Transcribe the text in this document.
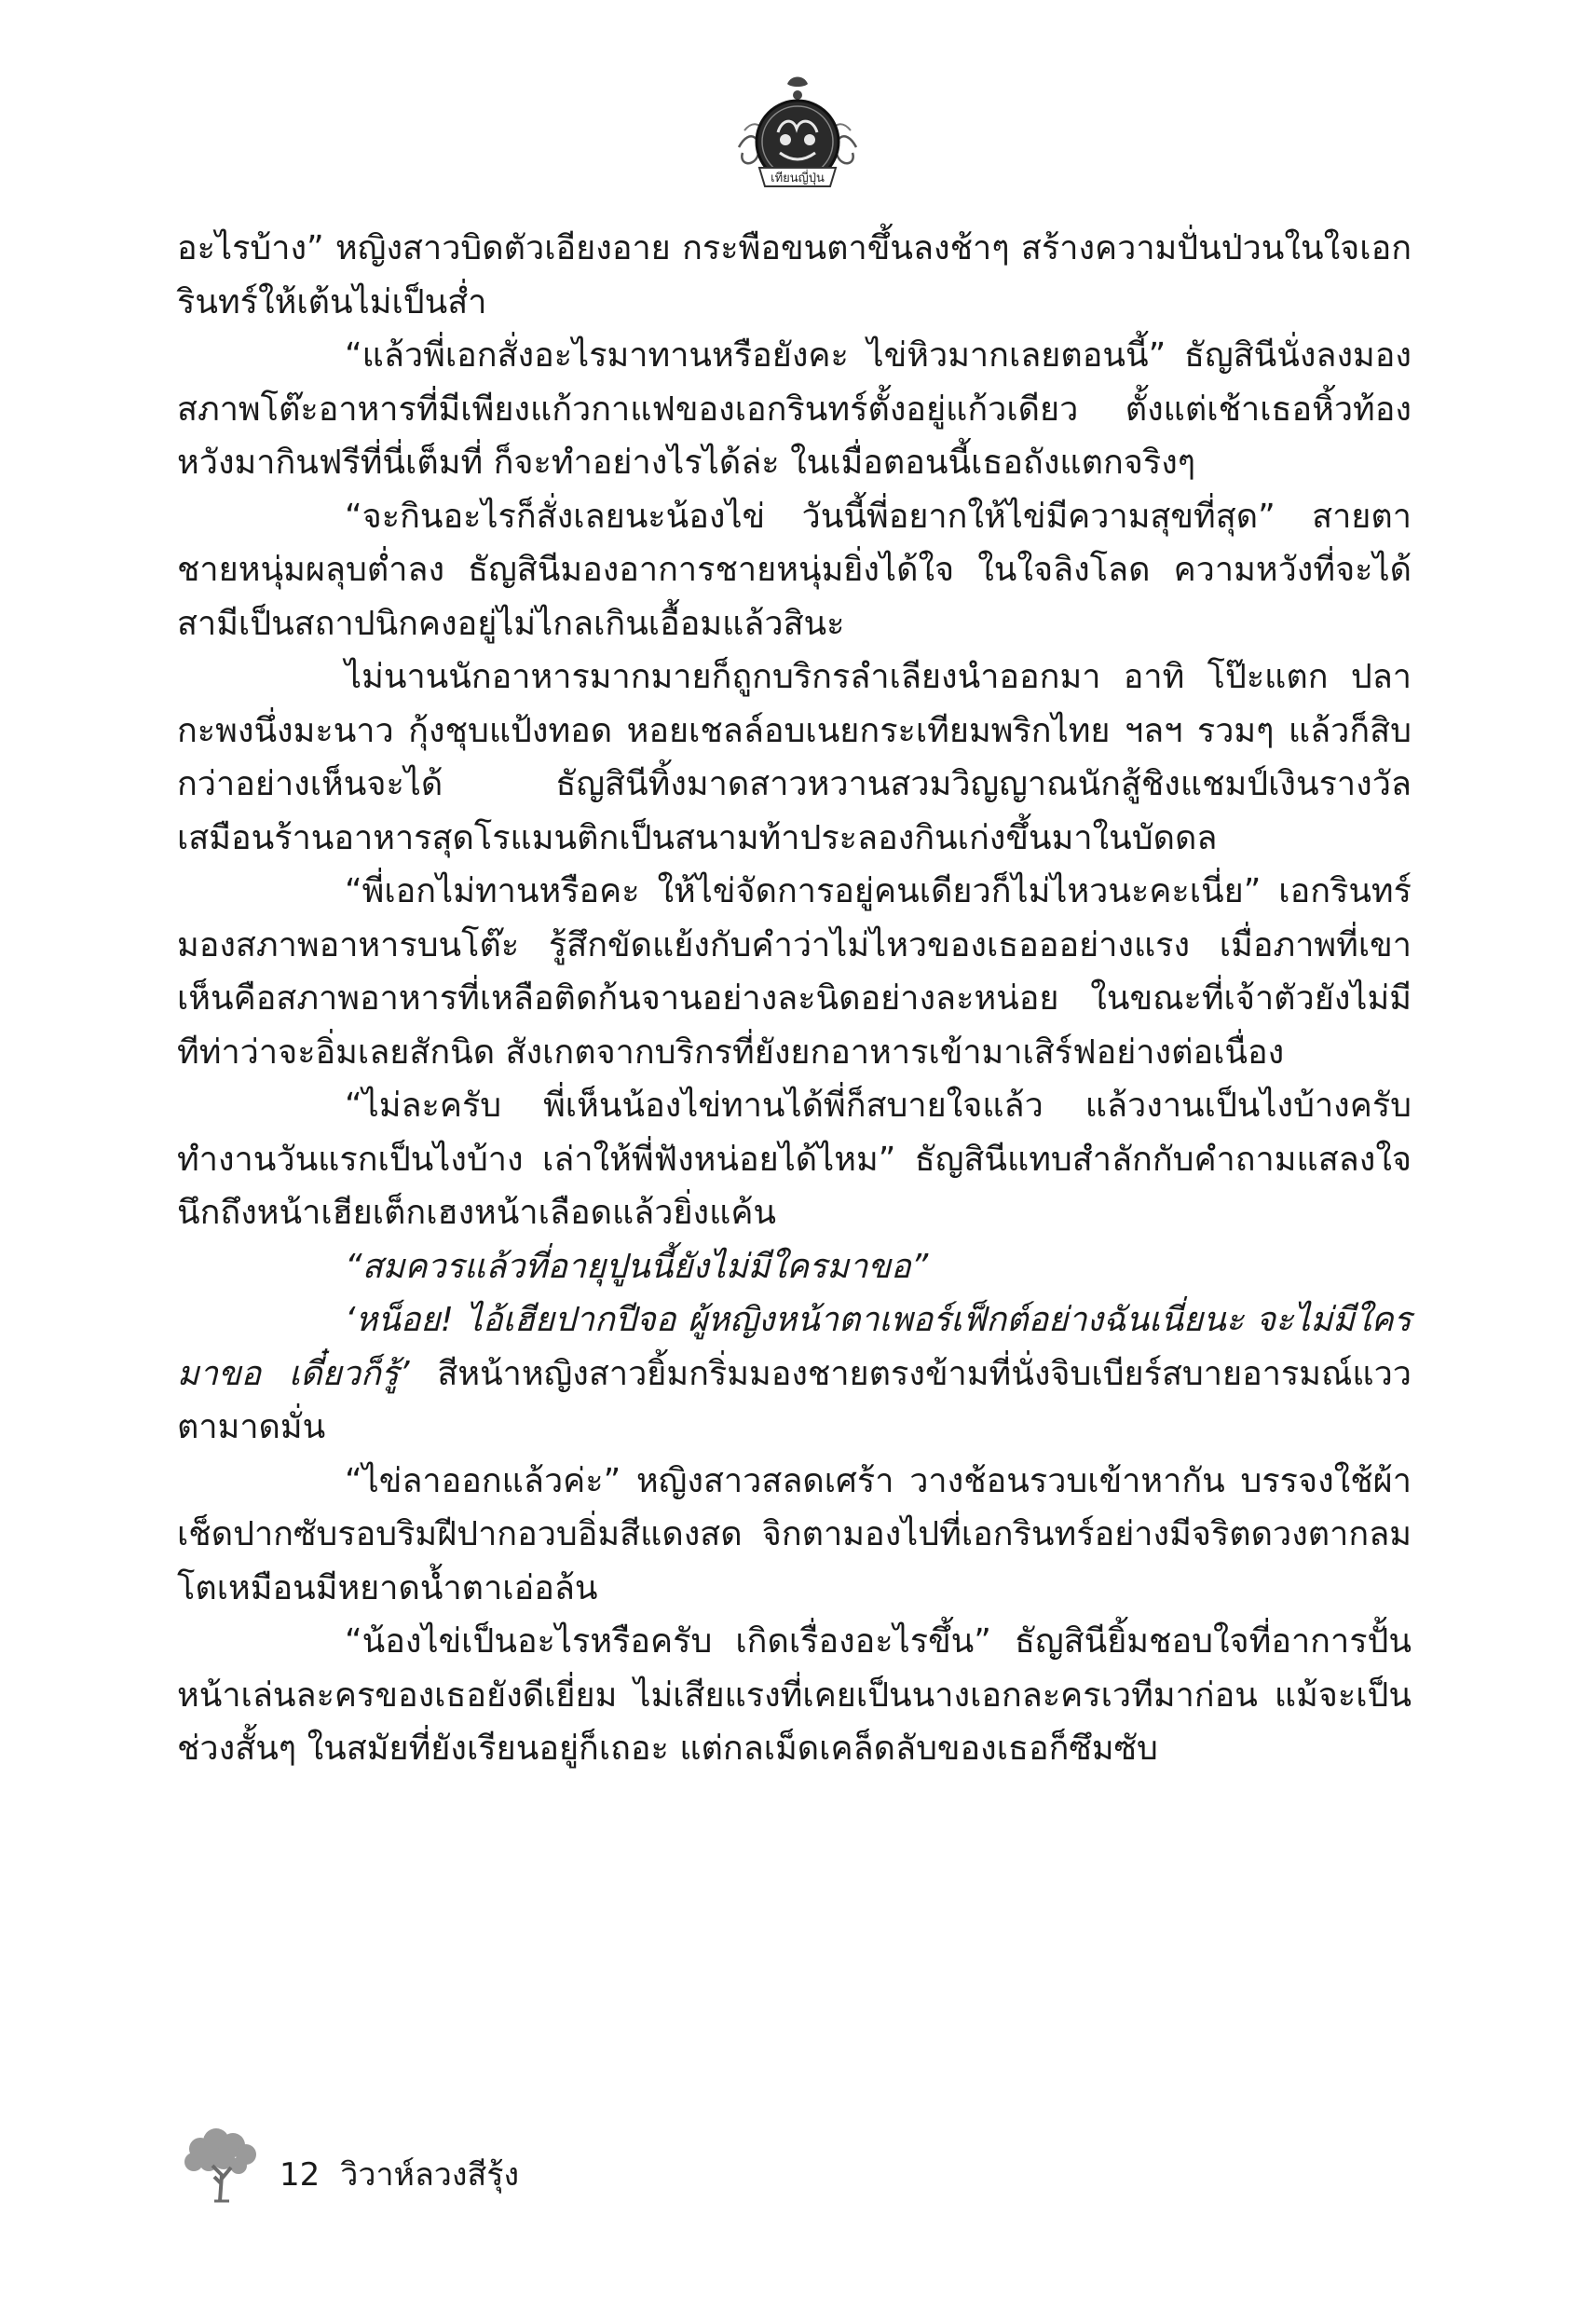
เทียนญี่ปุ่น

อะไรบ้าง” หญิงสาวบิดตัวเอียงอาย กระพือขนตาขึ้นลงช้าๆ สร้างความปั่นป่วนในใจเอกรินทร์ให้เต้นไม่เป็นส่ำ

“แล้วพี่เอกสั่งอะไรมาทานหรือยังคะ ไข่หิวมากเลยตอนนี้” ธัญสินีนั่งลงมองสภาพโต๊ะอาหารที่มีเพียงแก้วกาแฟของเอกรินทร์ตั้งอยู่แก้วเดียว ตั้งแต่เช้าเธอหิ้วท้องหวังมากินฟรีที่นี่เต็มที่ ก็จะทำอย่างไรได้ล่ะ ในเมื่อตอนนี้เธอถังแตกจริงๆ

“จะกินอะไรก็สั่งเลยนะน้องไข่ วันนี้พี่อยากให้ไข่มีความสุขที่สุด” สายตาชายหนุ่มผลุบต่ำลง ธัญสินีมองอาการชายหนุ่มยิ่งได้ใจ ในใจลิงโลด ความหวังที่จะได้สามีเป็นสถาปนิกคงอยู่ไม่ไกลเกินเอื้อมแล้วสินะ

ไม่นานนักอาหารมากมายก็ถูกบริกรลำเลียงนำออกมา อาทิ โป๊ะแตก ปลากะพงนึ่งมะนาว กุ้งชุบแป้งทอด หอยเชลล์อบเนยกระเทียมพริกไทย ฯลฯ รวมๆ แล้วก็สิบกว่าอย่างเห็นจะได้ ธัญสินีทิ้งมาดสาวหวานสวมวิญญาณนักสู้ชิงแชมป์เงินรางวัล เสมือนร้านอาหารสุดโรแมนติกเป็นสนามท้าประลองกินเก่งขึ้นมาในบัดดล

“พี่เอกไม่ทานหรือคะ ให้ไข่จัดการอยู่คนเดียวก็ไม่ไหวนะคะเนี่ย” เอกรินทร์มองสภาพอาหารบนโต๊ะ รู้สึกขัดแย้งกับคำว่าไม่ไหวของเธอออย่างแรง เมื่อภาพที่เขาเห็นคือสภาพอาหารที่เหลือติดก้นจานอย่างละนิดอย่างละหน่อย ในขณะที่เจ้าตัวยังไม่มีทีท่าว่าจะอิ่มเลยสักนิด สังเกตจากบริกรที่ยังยกอาหารเข้ามาเสิร์ฟอย่างต่อเนื่อง

“ไม่ละครับ พี่เห็นน้องไข่ทานได้พี่ก็สบายใจแล้ว แล้วงานเป็นไงบ้างครับ ทำงานวันแรกเป็นไงบ้าง เล่าให้พี่ฟังหน่อยได้ไหม” ธัญสินีแทบสำลักกับคำถามแสลงใจ นึกถึงหน้าเฮียเต็กเฮงหน้าเลือดแล้วยิ่งแค้น

“สมควรแล้วที่อายุปูนนี้ยังไม่มีใครมาขอ”

‘หน็อย! ไอ้เฮียปากปีจอ ผู้หญิงหน้าตาเพอร์เฟ็กต์อย่างฉันเนี่ยนะ จะไม่มีใครมาขอ เดี๋ยวก็รู้’ สีหน้าหญิงสาวยิ้มกริ่มมองชายตรงข้ามที่นั่งจิบเบียร์สบายอารมณ์แววตามาดมั่น

“ไข่ลาออกแล้วค่ะ” หญิงสาวสลดเศร้า วางช้อนรวบเข้าหากัน บรรจงใช้ผ้าเช็ดปากซับรอบริมฝีปากอวบอิ่มสีแดงสด จิกตามองไปที่เอกรินทร์อย่างมีจริตดวงตากลมโตเหมือนมีหยาดน้ำตาเอ่อล้น

“น้องไข่เป็นอะไรหรือครับ เกิดเรื่องอะไรขึ้น” ธัญสินียิ้มชอบใจที่อาการปั้นหน้าเล่นละครของเธอยังดีเยี่ยม ไม่เสียแรงที่เคยเป็นนางเอกละครเวทีมาก่อน แม้จะเป็นช่วงสั้นๆ ในสมัยที่ยังเรียนอยู่ก็เถอะ แต่กลเม็ดเคล็ดลับของเธอก็ซึมซับ

12 วิวาห์ลวงสีรุ้ง
